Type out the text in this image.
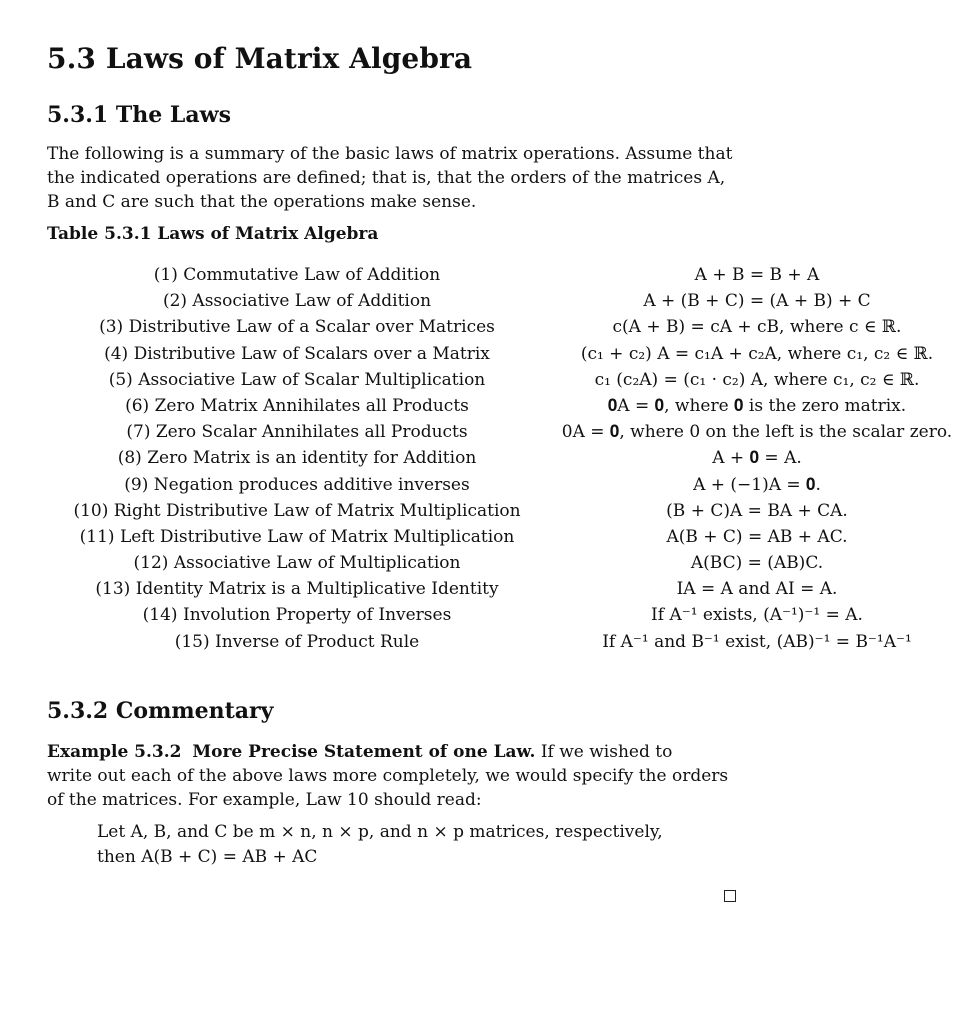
5.3 Laws of Matrix Algebra
5.3.1 The Laws

The following is a summary of the basic laws of matrix operations. Assume that
the indicated operations are defined; that is, that the orders of the matrices A,
B and C are such that the operations make sense.

Table 5.3.1 Laws of Matrix Algebra

(1) Commutative Law of Addition	A + B = B + A
(2) Associative Law of Addition	A + (B + C) = (A + B) + C
(3) Distributive Law of a Scalar over Matrices	c(A + B) = cA + cB, where c ∈ ℝ.
(4) Distributive Law of Scalars over a Matrix	(c₁ + c₂) A = c₁A + c₂A, where c₁, c₂ ∈ ℝ.
(5) Associative Law of Scalar Multiplication	c₁ (c₂A) = (c₁ · c₂) A, where c₁, c₂ ∈ ℝ.
(6) Zero Matrix Annihilates all Products	𝟎A = 𝟎, where 𝟎 is the zero matrix.
(7) Zero Scalar Annihilates all Products	0A = 𝟎, where 0 on the left is the scalar zero.
(8) Zero Matrix is an identity for Addition	A + 𝟎 = A.
(9) Negation produces additive inverses	A + (−1)A = 𝟎.
(10) Right Distributive Law of Matrix Multiplication	(B + C)A = BA + CA.
(11) Left Distributive Law of Matrix Multiplication	A(B + C) = AB + AC.
(12) Associative Law of Multiplication	A(BC) = (AB)C.
(13) Identity Matrix is a Multiplicative Identity	IA = A and AI = A.
(14) Involution Property of Inverses	If A⁻¹ exists, (A⁻¹)⁻¹ = A.
(15) Inverse of Product Rule	If A⁻¹ and B⁻¹ exist, (AB)⁻¹ = B⁻¹A⁻¹
5.3.2 Commentary

Example 5.3.2 More Precise Statement of one Law. If we wished to
write out each of the above laws more completely, we would specify the orders
of the matrices. For example, Law 10 should read:

Let A, B, and C be m × n, n × p, and n × p matrices, respectively,
then A(B + C) = AB + AC
